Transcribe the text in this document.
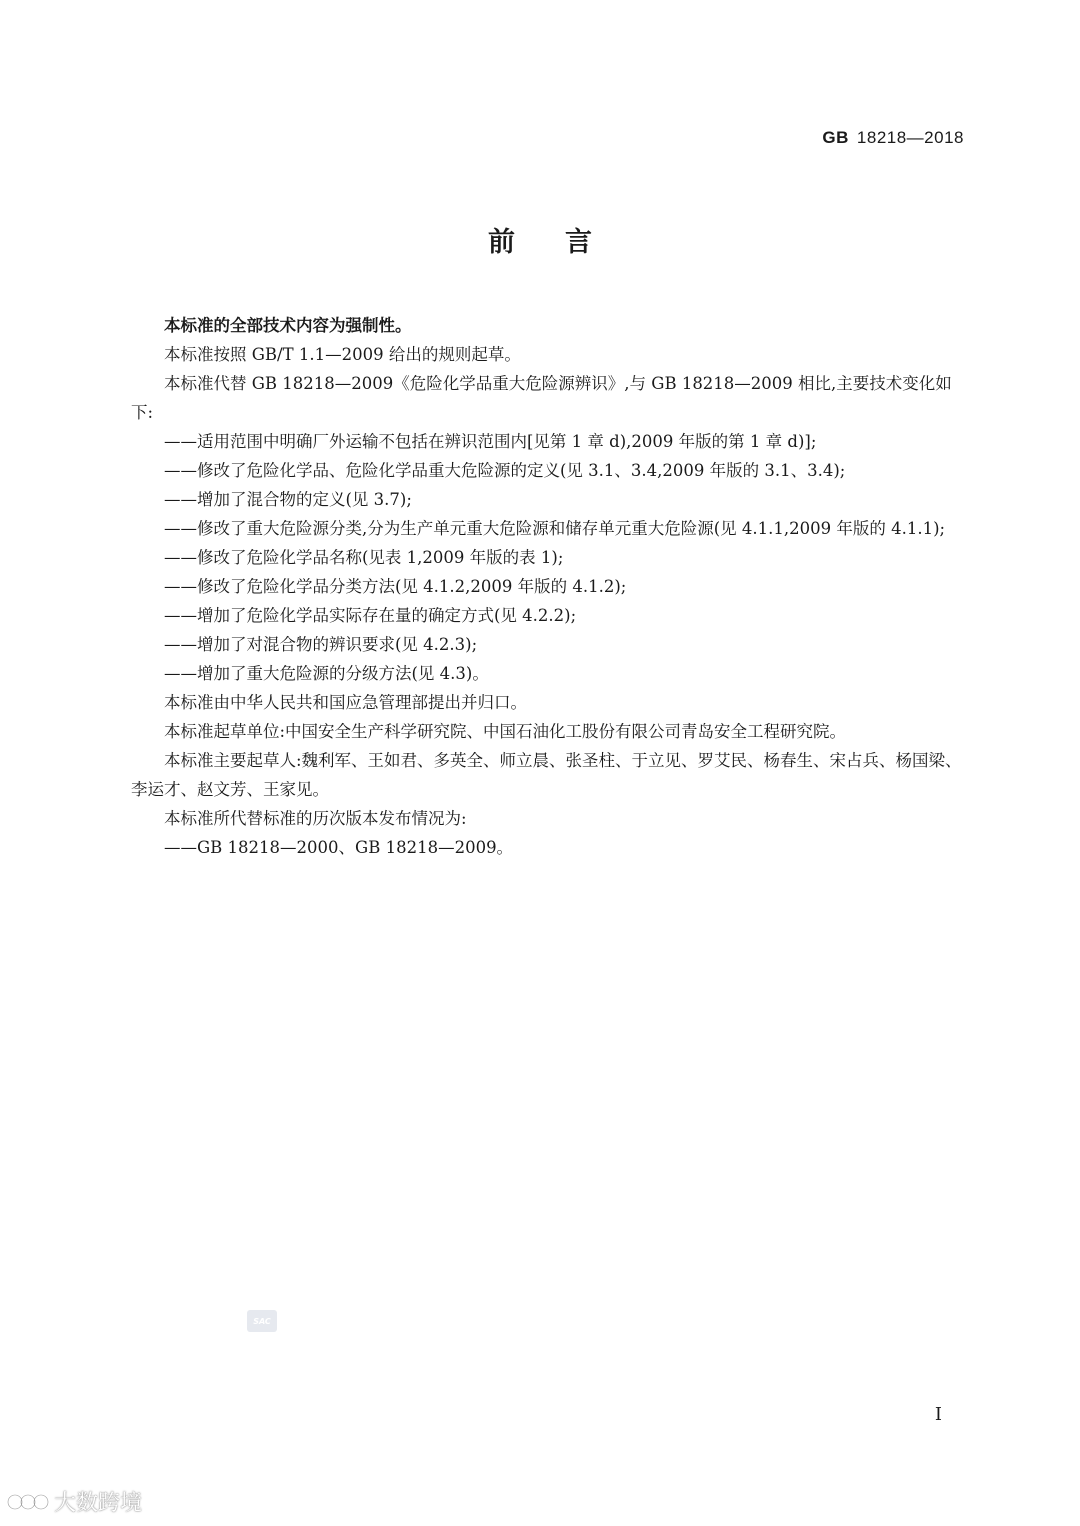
GB 18218—2018
前言

本标准的全部技术内容为强制性。

本标准按照 GB/T 1.1—2009 给出的规则起草。

本标准代替 GB 18218—2009《危险化学品重大危险源辨识》,与 GB 18218—2009 相比,主要技术变化如下:

——适用范围中明确厂外运输不包括在辨识范围内[见第 1 章 d),2009 年版的第 1 章 d)];

——修改了危险化学品、危险化学品重大危险源的定义(见 3.1、3.4,2009 年版的 3.1、3.4);

——增加了混合物的定义(见 3.7);

——修改了重大危险源分类,分为生产单元重大危险源和储存单元重大危险源(见 4.1.1,2009 年版的 4.1.1);

——修改了危险化学品名称(见表 1,2009 年版的表 1);

——修改了危险化学品分类方法(见 4.1.2,2009 年版的 4.1.2);

——增加了危险化学品实际存在量的确定方式(见 4.2.2);

——增加了对混合物的辨识要求(见 4.2.3);

——增加了重大危险源的分级方法(见 4.3)。

本标准由中华人民共和国应急管理部提出并归口。

本标准起草单位:中国安全生产科学研究院、中国石油化工股份有限公司青岛安全工程研究院。

本标准主要起草人:魏利军、王如君、多英全、师立晨、张圣柱、于立见、罗艾民、杨春生、宋占兵、杨国梁、李运才、赵文芳、王家见。

本标准所代替标准的历次版本发布情况为:

——GB 18218—2000、GB 18218—2009。

SAC
I
大数跨境
